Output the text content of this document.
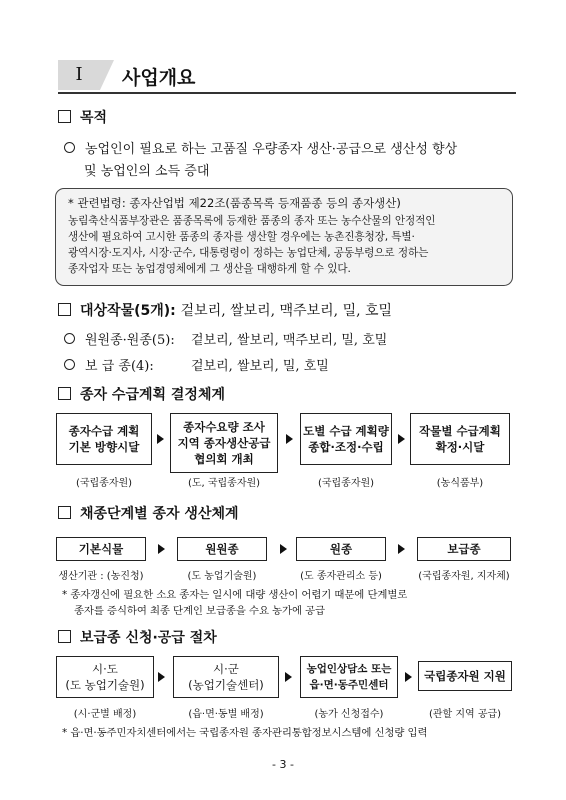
Ⅰ	사업개요
목적
농업인이 필요로 하는 고품질 우량종자 생산·공급으로 생산성 향상
및 농업인의 소득 증대
* 관련법령: 종자산업법 제22조(품종목록 등재품종 등의 종자생산)
농림축산식품부장관은 품종목록에 등재한 품종의 종자 또는 농수산물의 안정적인
생산에 필요하여 고시한 품종의 종자를 생산할 경우에는 농촌진흥청장, 특별·
광역시장·도지사, 시장·군수, 대통령령이 정하는 농업단체, 공동부령으로 정하는
종자업자 또는 농업경영체에게 그 생산을 대행하게 할 수 있다.
대상작물(5개): 겉보리, 쌀보리, 맥주보리, 밀, 호밀
원원종·원종(5): 겉보리, 쌀보리, 맥주보리, 밀, 호밀
보 급 종(4):	겉보리, 쌀보리, 밀, 호밀
종자 수급계획 결정체계
종자수급 계획
기본 방향시달
종자수요량 조사
지역 종자생산공급
협의회 개최
도별 수급 계획량
종합·조정·수립
작물별 수급계획
확정·시달
(국립종자원)	(도, 국립종자원)	(국립종자원)	(농식품부)
채종단계별 종자 생산체계
기본식물	원원종	원종	보급종
생산기관 : (농진청)	(도 농업기술원)	(도 종자관리소 등)	(국립종자원, 지자체)
* 종자갱신에 필요한 소요 종자는 일시에 대량 생산이 어렵기 때문에 단계별로
종자를 증식하여 최종 단계인 보급종을 수요 농가에 공급
보급종 신청·공급 절차
시·도
(도 농업기술원)
시·군
(농업기술센터)
농업인상담소 또는
읍·면·동주민센터
국립종자원 지원
(시·군별 배정)	(읍·면·동별 배정)	(농가 신청접수)	(관할 지역 공급)
* 읍·면·동주민자치센터에서는 국립종자원 종자관리통합정보시스템에 신청량 입력
- 3 -
